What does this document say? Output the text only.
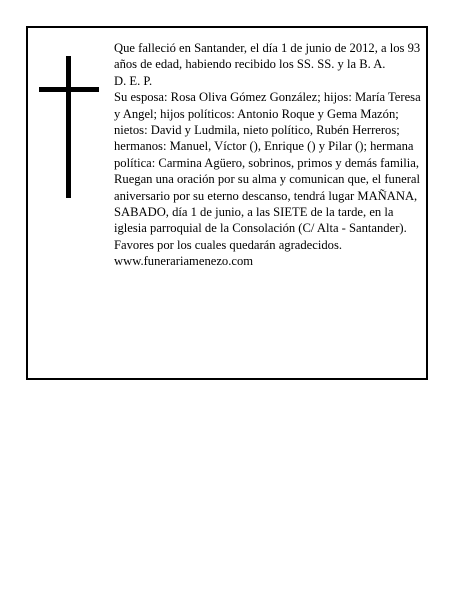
Que falleció en Santander, el día 1 de junio de 2012, a los 93 años de edad, habiendo recibido los SS. SS. y la B. A.

D. E. P.

Su esposa: Rosa Oliva Gómez González; hijos: María Teresa y Angel; hijos políticos: Antonio Roque y Gema Mazón; nietos: David y Ludmila, nieto político, Rubén Herreros; hermanos: Manuel, Víctor (), Enrique () y Pilar (); hermana política: Carmina Agüero, sobrinos, primos y demás familia,

Ruegan una oración por su alma y comunican que, el funeral aniversario por su eterno descanso, tendrá lugar MAÑANA, SABADO, día 1 de junio, a las SIETE de la tarde, en la iglesia parroquial de la Consolación (C/ Alta - Santander). Favores por los cuales quedarán agradecidos.

www.funerariamenezo.com
